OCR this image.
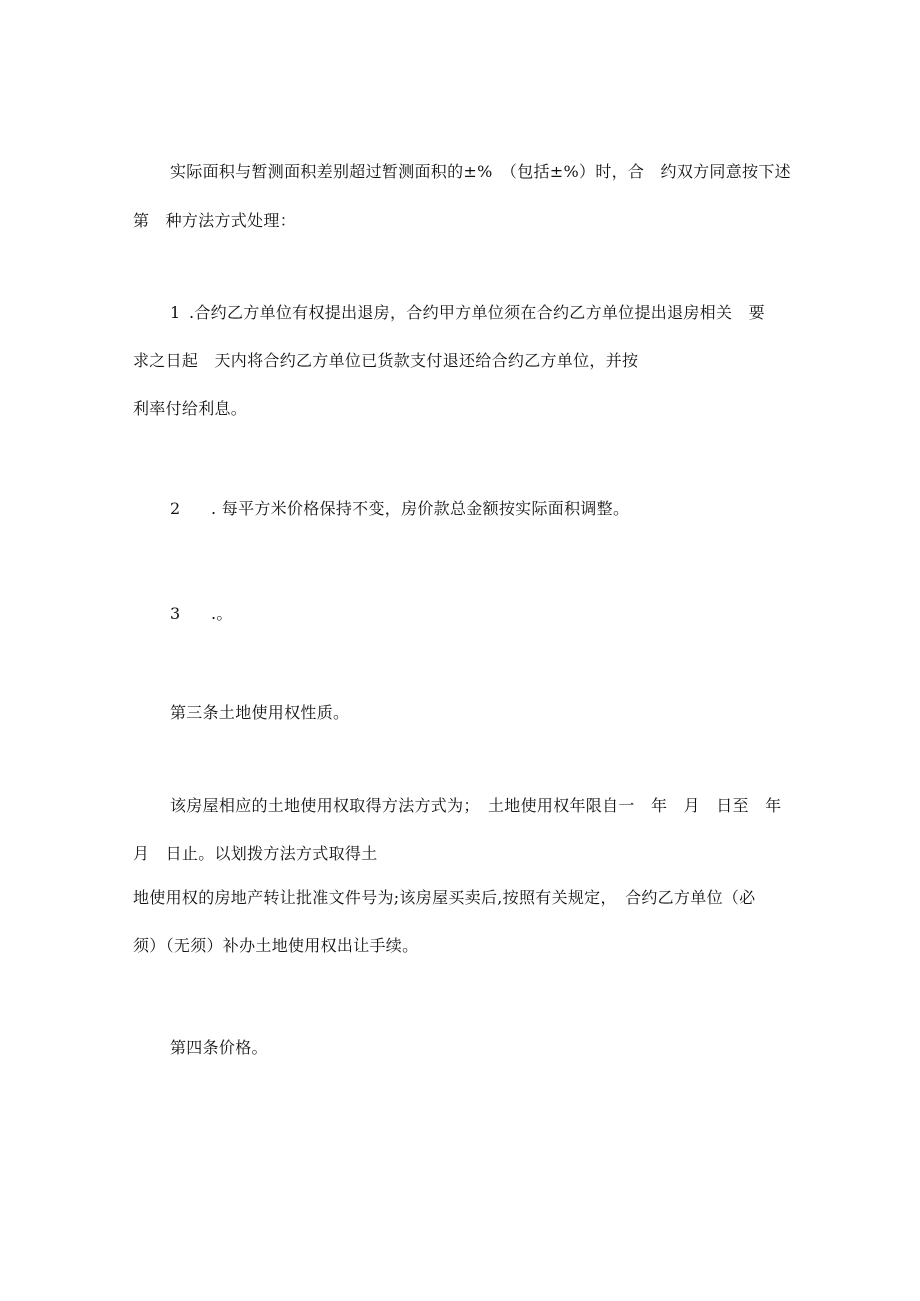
实际面积与暂测面积差别超过暂测面积的±%　（包括±%）时，合　约双方同意按下述
第　种方法方式处理：
1 .合约乙方单位有权提出退房，合约甲方单位须在合约乙方单位提出退房相关　要
求之日起　天内将合约乙方单位已货款支付退还给合约乙方单位，并按
利率付给利息。
2 . 每平方米价格保持不变，房价款总金额按实际面积调整。
3 .。
第三条土地使用权性质。
该房屋相应的土地使用权取得方法方式为；　土地使用权年限自一　年　月　日至　年
月　日止。以划拨方法方式取得土
地使用权的房地产转让批准文件号为;该房屋买卖后,按照有关规定，　合约乙方单位（必
须）（无须）补办土地使用权出让手续。
第四条价格。
